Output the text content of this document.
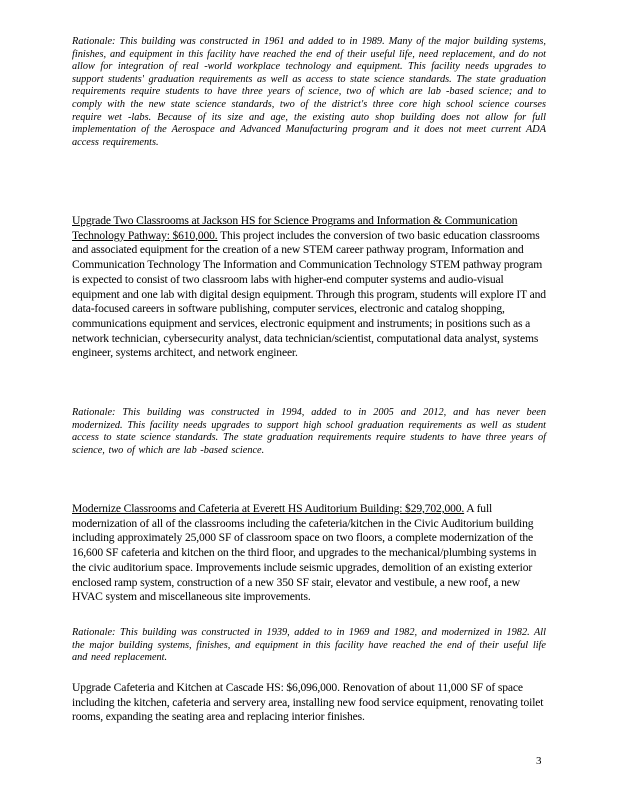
Rationale: This building was constructed in 1961 and added to in 1989. Many of the major building systems, finishes, and equipment in this facility have reached the end of their useful life, need replacement, and do not allow for integration of real -world workplace technology and equipment. This facility needs upgrades to support students' graduation requirements as well as access to state science standards. The state graduation requirements require students to have three years of science, two of which are lab -based science; and to comply with the new state science standards, two of the district's three core high school science courses require wet -labs. Because of its size and age, the existing auto shop building does not allow for full implementation of the Aerospace and Advanced Manufacturing program and it does not meet current ADA access requirements.
Upgrade Two Classrooms at Jackson HS for Science Programs and Information & Communication Technology Pathway: $610,000. This project includes the conversion of two basic education classrooms and associated equipment for the creation of a new STEM career pathway program, Information and Communication Technology The Information and Communication Technology STEM pathway program is expected to consist of two classroom labs with higher-end computer systems and audio-visual equipment and one lab with digital design equipment. Through this program, students will explore IT and data-focused careers in software publishing, computer services, electronic and catalog shopping, communications equipment and services, electronic equipment and instruments; in positions such as a network technician, cybersecurity analyst, data technician/scientist, computational data analyst, systems engineer, systems architect, and network engineer.
Rationale: This building was constructed in 1994, added to in 2005 and 2012, and has never been modernized. This facility needs upgrades to support high school graduation requirements as well as student access to state science standards. The state graduation requirements require students to have three years of science, two of which are lab -based science.
Modernize Classrooms and Cafeteria at Everett HS Auditorium Building: $29,702,000. A full modernization of all of the classrooms including the cafeteria/kitchen in the Civic Auditorium building including approximately 25,000 SF of classroom space on two floors, a complete modernization of the 16,600 SF cafeteria and kitchen on the third floor, and upgrades to the mechanical/plumbing systems in the civic auditorium space. Improvements include seismic upgrades, demolition of an existing exterior enclosed ramp system, construction of a new 350 SF stair, elevator and vestibule, a new roof, a new HVAC system and miscellaneous site improvements.
Rationale: This building was constructed in 1939, added to in 1969 and 1982, and modernized in 1982. All the major building systems, finishes, and equipment in this facility have reached the end of their useful life and need replacement.
Upgrade Cafeteria and Kitchen at Cascade HS: $6,096,000. Renovation of about 11,000 SF of space including the kitchen, cafeteria and servery area, installing new food service equipment, renovating toilet rooms, expanding the seating area and replacing interior finishes.
3
